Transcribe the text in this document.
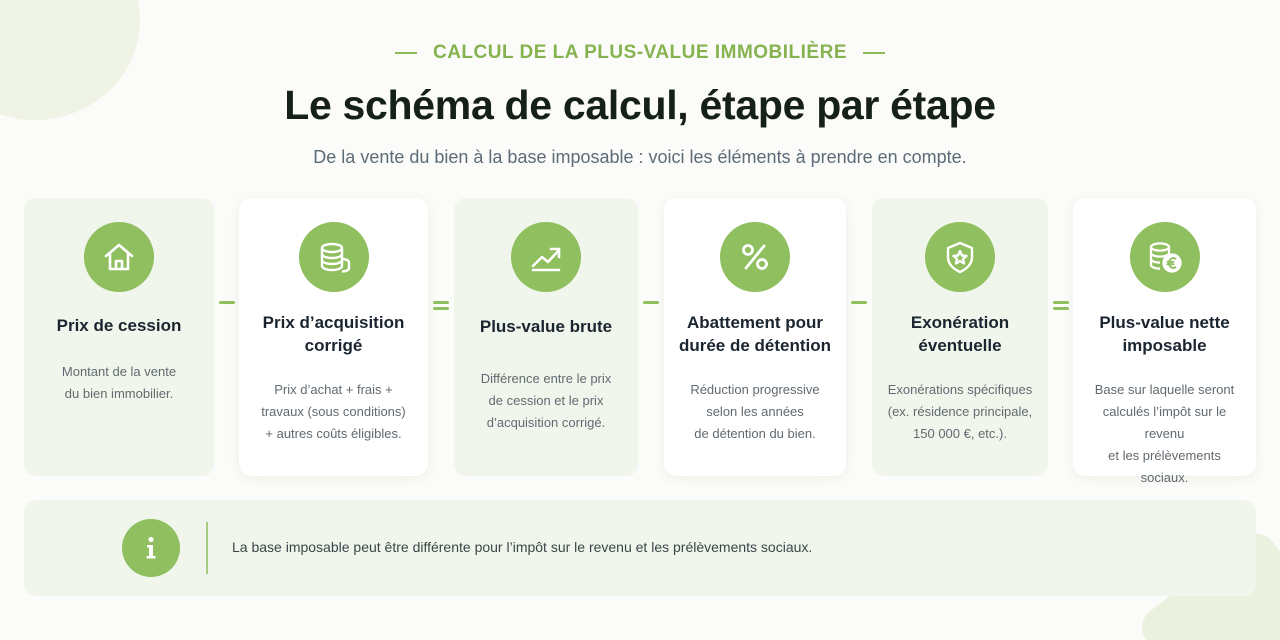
CALCUL DE LA PLUS-VALUE IMMOBILIÈRE
Le schéma de calcul, étape par étape

De la vente du bien à la base imposable : voici les éléments à prendre en compte.

Prix de cession
Montant de la vente
du bien immobilier.
Prix d’acquisition
corrigé
Prix d’achat + frais +
travaux (sous conditions)
+ autres coûts éligibles.
Plus-value brute
Différence entre le prix
de cession et le prix
d’acquisition corrigé.
Abattement pour
durée de détention
Réduction progressive
selon les années
de détention du bien.
Exonération
éventuelle
Exonérations spécifiques
(ex. résidence principale,
150 000 €, etc.).
Plus-value nette
imposable
Base sur laquelle seront
calculés l’impôt sur le revenu
et les prélèvements sociaux.
La base imposable peut être différente pour l’impôt sur le revenu et les prélèvements sociaux.
